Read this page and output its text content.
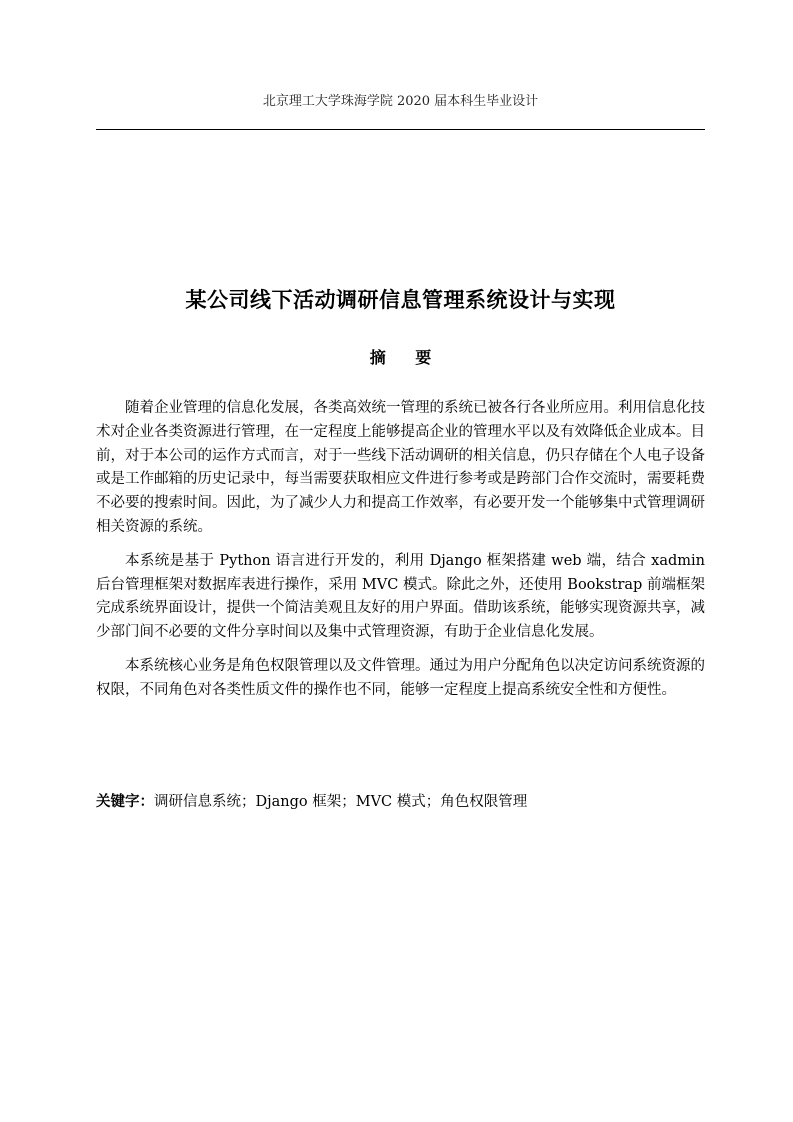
北京理工大学珠海学院 2020 届本科生毕业设计
某公司线下活动调研信息管理系统设计与实现
摘 要

随着企业管理的信息化发展，各类高效统一管理的系统已被各行各业所应用。利用信息化技术对企业各类资源进行管理，在一定程度上能够提高企业的管理水平以及有效降低企业成本。目前，对于本公司的运作方式而言，对于一些线下活动调研的相关信息，仍只存储在个人电子设备或是工作邮箱的历史记录中，每当需要获取相应文件进行参考或是跨部门合作交流时，需要耗费不必要的搜索时间。因此，为了减少人力和提高工作效率，有必要开发一个能够集中式管理调研相关资源的系统。

本系统是基于 Python 语言进行开发的，利用 Django 框架搭建 web 端，结合 xadmin 后台管理框架对数据库表进行操作，采用 MVC 模式。除此之外，还使用 Bookstrap 前端框架完成系统界面设计，提供一个简洁美观且友好的用户界面。借助该系统，能够实现资源共享，减少部门间不必要的文件分享时间以及集中式管理资源，有助于企业信息化发展。

本系统核心业务是角色权限管理以及文件管理。通过为用户分配角色以决定访问系统资源的权限，不同角色对各类性质文件的操作也不同，能够一定程度上提高系统安全性和方便性。

关键字：调研信息系统；Django 框架；MVC 模式；角色权限管理
